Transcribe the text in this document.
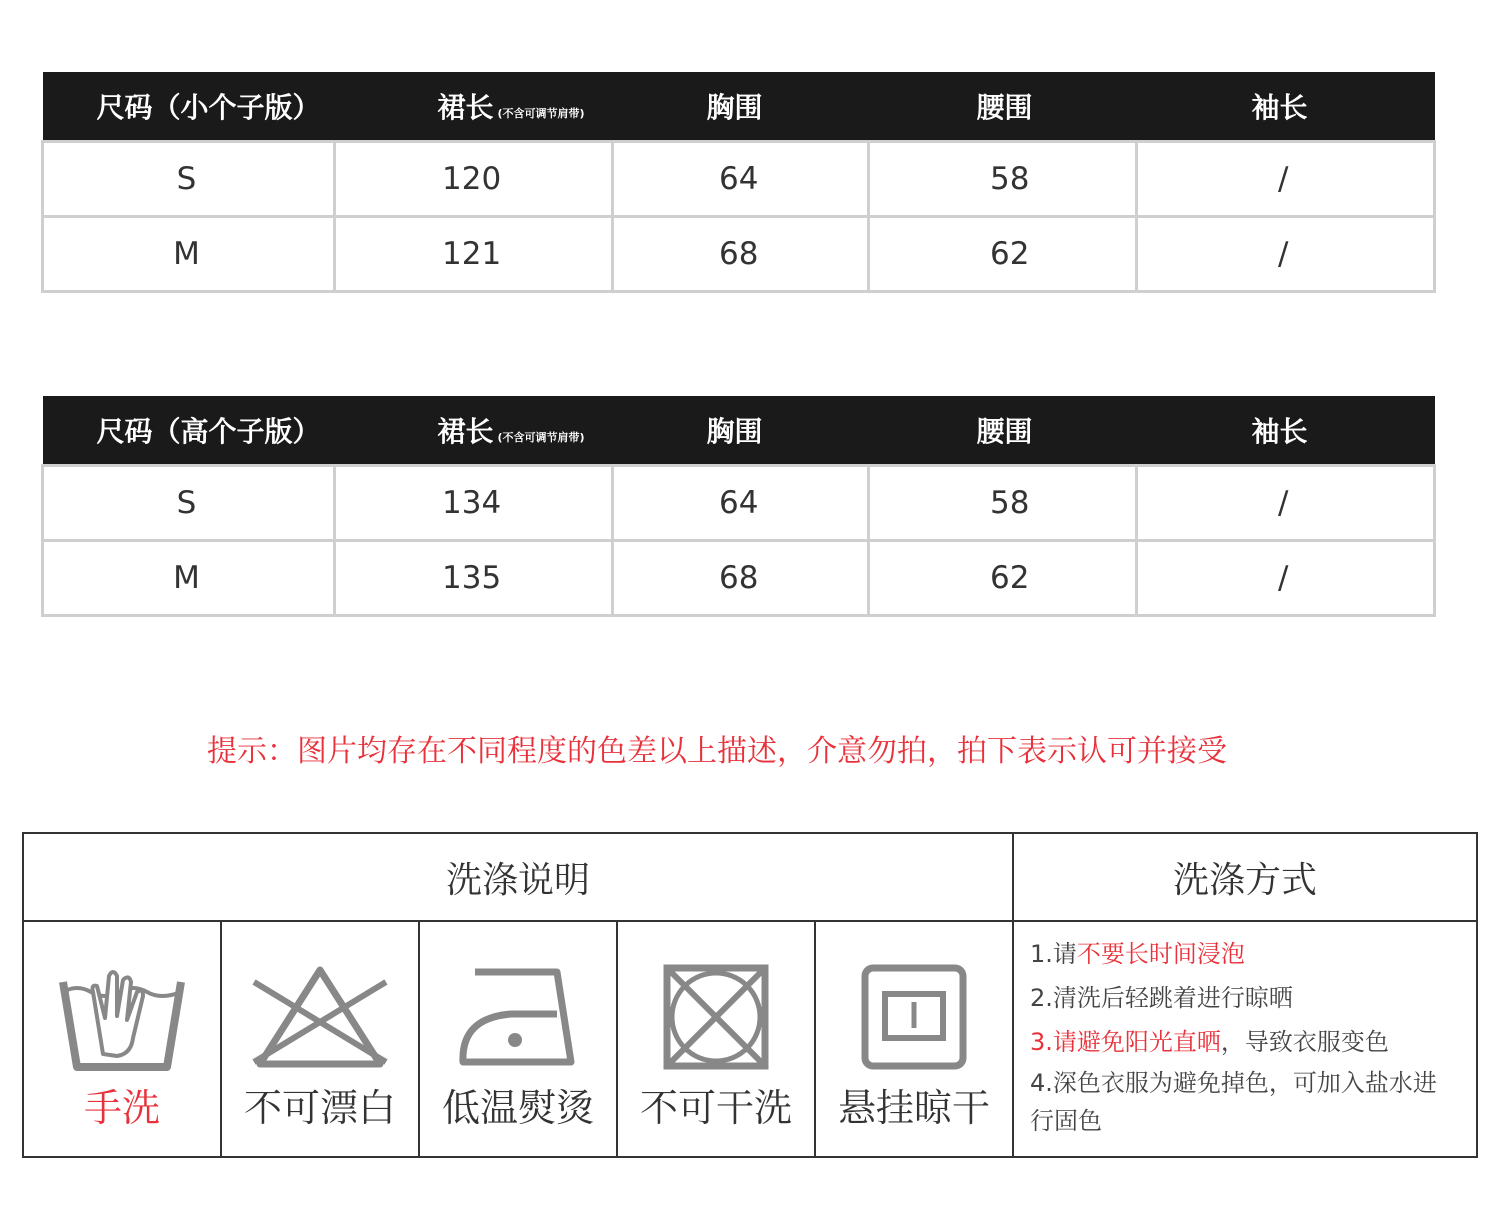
尺码（小个子版）	裙长 (不含可调节肩带)	胸围	腰围	袖长
S	120	64	58	/
M	121	68	62	/
尺码（高个子版）	裙长 (不含可调节肩带)	胸围	腰围	袖长
S	134	64	58	/
M	135	68	62	/
提示：图片均存在不同程度的色差以上描述，介意勿拍，拍下表示认可并接受
洗涤说明					洗涤方式

手洗	不可漂白	低温熨烫	不可干洗	悬挂晾干	1.请不要长时间浸泡
2.清洗后轻跳着进行晾晒
3.请避免阳光直晒，导致衣服变色
4.深色衣服为避免掉色，可加入盐水进行固色
